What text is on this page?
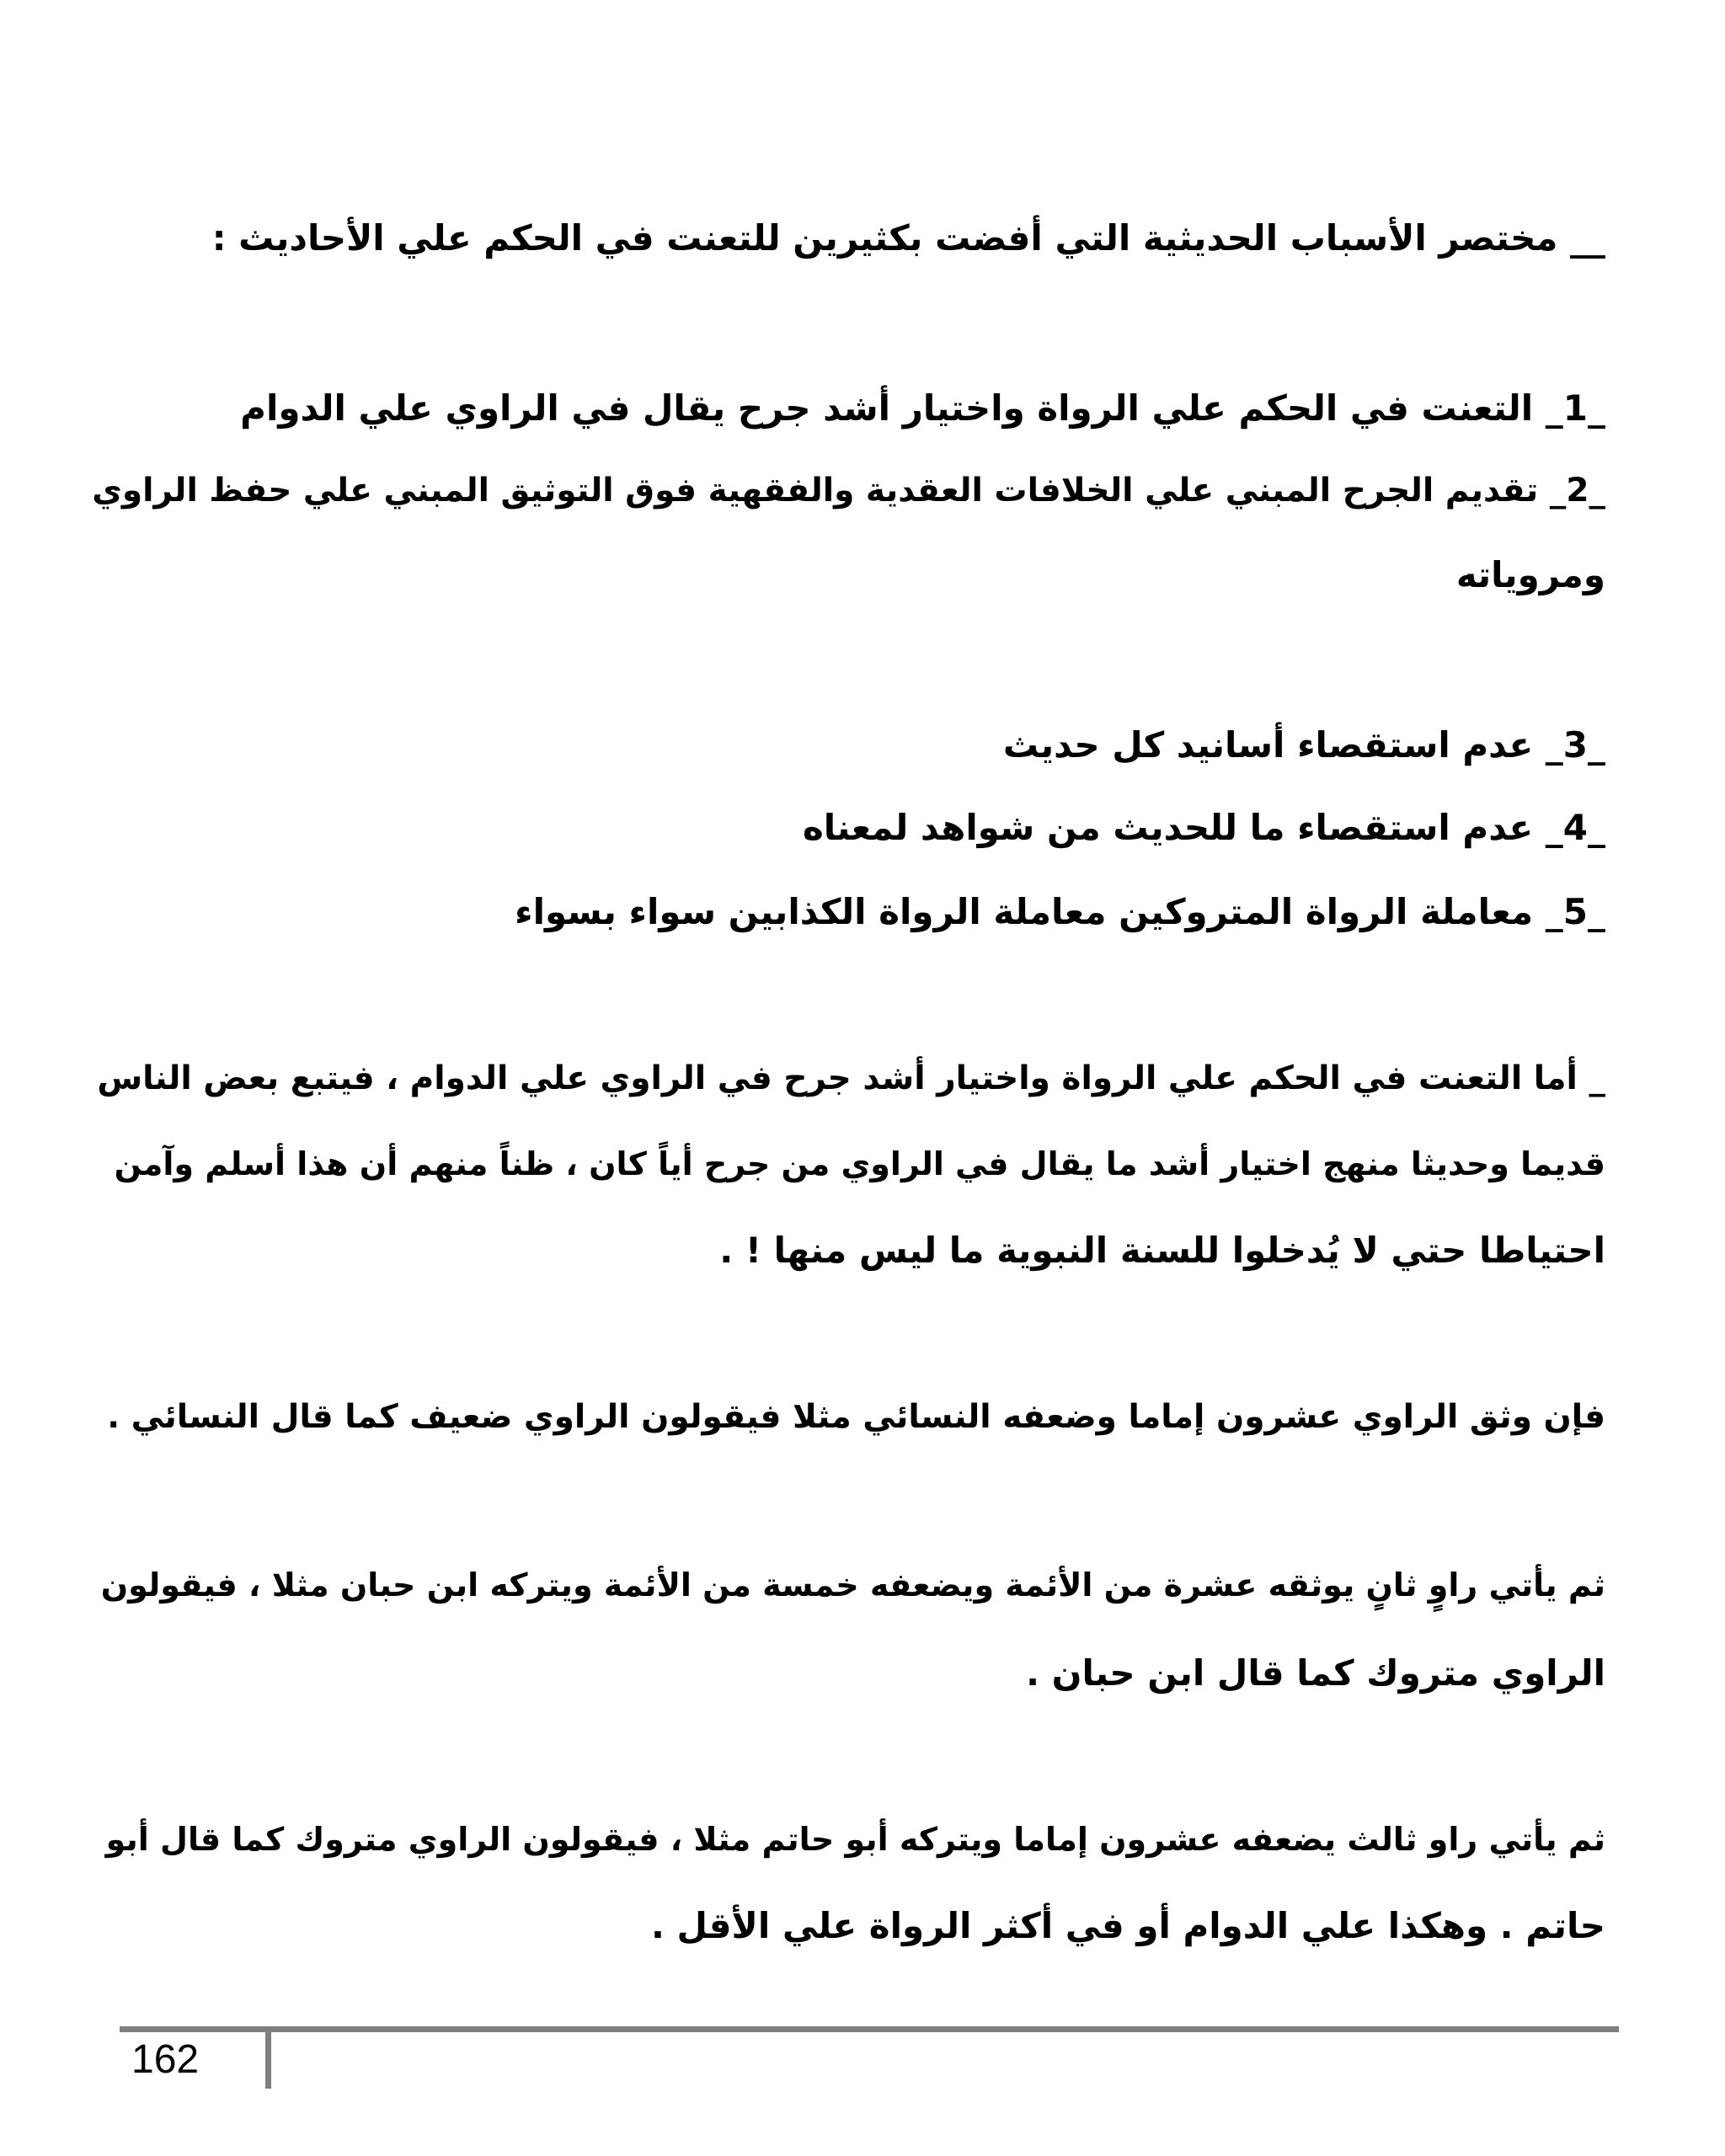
__ مختصر الأسباب الحديثية التي أفضت بكثيرين للتعنت في الحكم علي الأحاديث :
_1_ التعنت في الحكم علي الرواة واختيار أشد جرح يقال في الراوي علي الدوام
_2_ تقديم الجرح المبني علي الخلافات العقدية والفقهية فوق التوثيق المبني علي حفظ الراوي
ومروياته
_3_ عدم استقصاء أسانيد كل حديث
_4_ عدم استقصاء ما للحديث من شواهد لمعناه
_5_ معاملة الرواة المتروكين معاملة الرواة الكذابين سواء بسواء
_ أما التعنت في الحكم علي الرواة واختيار أشد جرح في الراوي علي الدوام ، فيتبع بعض الناس
قديما وحديثا منهج اختيار أشد ما يقال في الراوي من جرح أياً كان ، ظناً منهم أن هذا أسلم وآمن
احتياطا حتي لا يُدخلوا للسنة النبوية ما ليس منها ! .
فإن وثق الراوي عشرون إماما وضعفه النسائي مثلا فيقولون الراوي ضعيف كما قال النسائي .
ثم يأتي راوٍ ثانٍ يوثقه عشرة من الأئمة ويضعفه خمسة من الأئمة ويتركه ابن حبان مثلا ، فيقولون
الراوي متروك كما قال ابن حبان .
ثم يأتي راو ثالث يضعفه عشرون إماما ويتركه أبو حاتم مثلا ، فيقولون الراوي متروك كما قال أبو
حاتم . وهكذا علي الدوام أو في أكثر الرواة علي الأقل .
162
